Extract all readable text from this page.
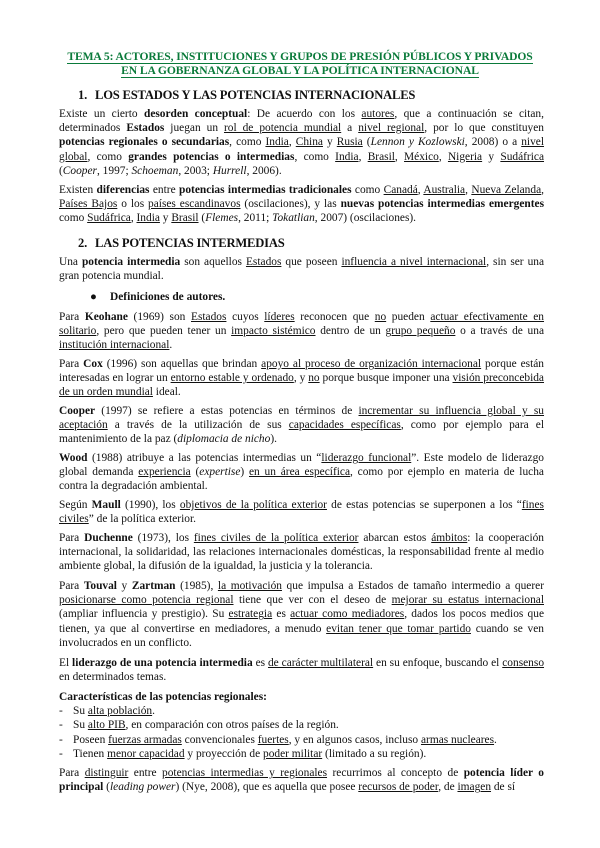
TEMA 5: ACTORES, INSTITUCIONES Y GRUPOS DE PRESIÓN PÚBLICOS Y PRIVADOS
EN LA GOBERNANZA GLOBAL Y LA POLÍTICA INTERNACIONAL
1. LOS ESTADOS Y LAS POTENCIAS INTERNACIONALES
Existe un cierto desorden conceptual: De acuerdo con los autores, que a continuación se citan, determinados Estados juegan un rol de potencia mundial a nivel regional, por lo que constituyen potencias regionales o secundarias, como India, China y Rusia (Lennon y Kozlowski, 2008) o a nivel global, como grandes potencias o intermedias, como India, Brasil, México, Nigeria y Sudáfrica (Cooper, 1997; Schoeman, 2003; Hurrell, 2006).
Existen diferencias entre potencias intermedias tradicionales como Canadá, Australia, Nueva Zelanda, Países Bajos o los países escandinavos (oscilaciones), y las nuevas potencias intermedias emergentes como Sudáfrica, India y Brasil (Flemes, 2011; Tokatlian, 2007) (oscilaciones).
2. LAS POTENCIAS INTERMEDIAS
Una potencia intermedia son aquellos Estados que poseen influencia a nivel internacional, sin ser una gran potencia mundial.
● Definiciones de autores.
Para Keohane (1969) son Estados cuyos líderes reconocen que no pueden actuar efectivamente en solitario, pero que pueden tener un impacto sistémico dentro de un grupo pequeño o a través de una institución internacional.
Para Cox (1996) son aquellas que brindan apoyo al proceso de organización internacional porque están interesadas en lograr un entorno estable y ordenado, y no porque busque imponer una visión preconcebida de un orden mundial ideal.
Cooper (1997) se refiere a estas potencias en términos de incrementar su influencia global y su aceptación a través de la utilización de sus capacidades específicas, como por ejemplo para el mantenimiento de la paz (diplomacia de nicho).
Wood (1988) atribuye a las potencias intermedias un “liderazgo funcional”. Este modelo de liderazgo global demanda experiencia (expertise) en un área específica, como por ejemplo en materia de lucha contra la degradación ambiental.
Según Maull (1990), los objetivos de la política exterior de estas potencias se superponen a los “fines civiles” de la política exterior.
Para Duchenne (1973), los fines civiles de la política exterior abarcan estos ámbitos: la cooperación internacional, la solidaridad, las relaciones internacionales domésticas, la responsabilidad frente al medio ambiente global, la difusión de la igualdad, la justicia y la tolerancia.
Para Touval y Zartman (1985), la motivación que impulsa a Estados de tamaño intermedio a querer posicionarse como potencia regional tiene que ver con el deseo de mejorar su estatus internacional (ampliar influencia y prestigio). Su estrategia es actuar como mediadores, dados los pocos medios que tienen, ya que al convertirse en mediadores, a menudo evitan tener que tomar partido cuando se ven involucrados en un conflicto.
El liderazgo de una potencia intermedia es de carácter multilateral en su enfoque, buscando el consenso en determinados temas.
Características de las potencias regionales:
- Su alta población.
- Su alto PIB, en comparación con otros países de la región.
- Poseen fuerzas armadas convencionales fuertes, y en algunos casos, incluso armas nucleares.
- Tienen menor capacidad y proyección de poder militar (limitado a su región).
Para distinguir entre potencias intermedias y regionales recurrimos al concepto de potencia líder o principal (leading power) (Nye, 2008), que es aquella que posee recursos de poder, de imagen de sí
